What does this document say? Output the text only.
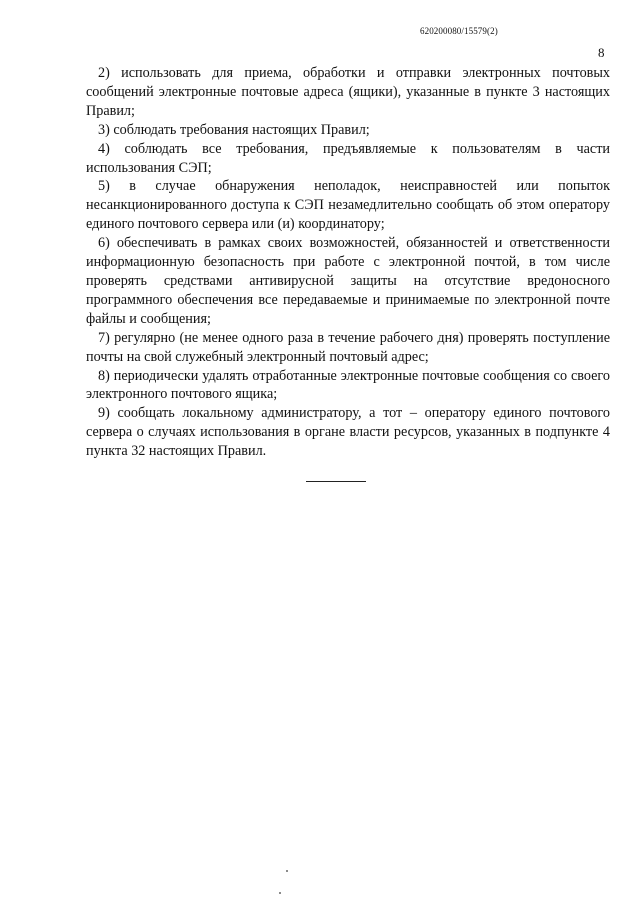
620200080/15579(2)
8

2) использовать для приема, обработки и отправки электронных почтовых сообщений электронные почтовые адреса (ящики), указанные в пункте 3 настоящих Правил;

3) соблюдать требования настоящих Правил;

4) соблюдать все требования, предъявляемые к пользователям в части использования СЭП;

5) в случае обнаружения неполадок, неисправностей или попыток несанкционированного доступа к СЭП незамедлительно сообщать об этом оператору единого почтового сервера или (и) координатору;

6) обеспечивать в рамках своих возможностей, обязанностей и ответственности информационную безопасность при работе с электронной почтой, в том числе проверять средствами антивирусной защиты на отсутствие вредоносного программного обеспечения все передаваемые и принимаемые по электронной почте файлы и сообщения;

7) регулярно (не менее одного раза в течение рабочего дня) проверять поступление почты на свой служебный электронный почтовый адрес;

8) периодически удалять отработанные электронные почтовые сообщения со своего электронного почтового ящика;

9) сообщать локальному администратору, а тот – оператору единого почтового сервера о случаях использования в органе власти ресурсов, указанных в подпункте 4 пункта 32 настоящих Правил.
